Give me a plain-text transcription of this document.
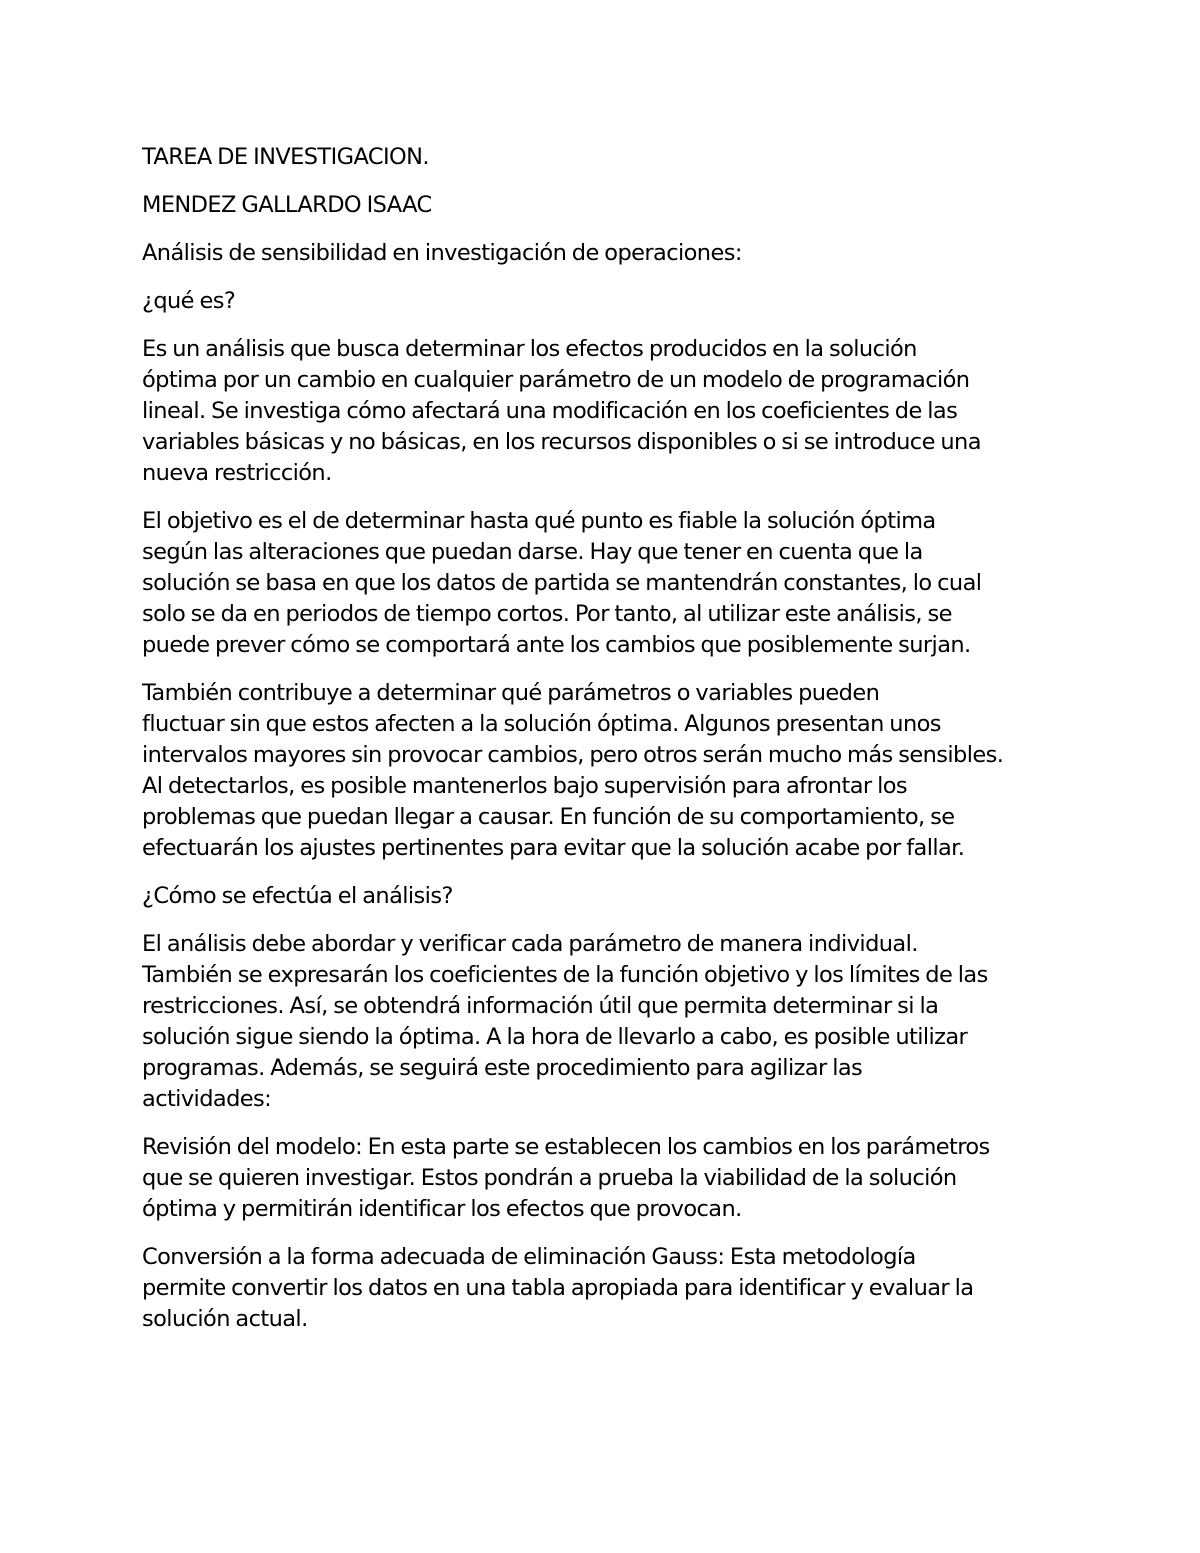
TAREA DE INVESTIGACION.
MENDEZ GALLARDO ISAAC
Análisis de sensibilidad en investigación de operaciones:
¿qué es?
Es un análisis que busca determinar los efectos producidos en la solución
óptima por un cambio en cualquier parámetro de un modelo de programación
lineal. Se investiga cómo afectará una modificación en los coeficientes de las
variables básicas y no básicas, en los recursos disponibles o si se introduce una
nueva restricción.
El objetivo es el de determinar hasta qué punto es fiable la solución óptima
según las alteraciones que puedan darse. Hay que tener en cuenta que la
solución se basa en que los datos de partida se mantendrán constantes, lo cual
solo se da en periodos de tiempo cortos. Por tanto, al utilizar este análisis, se
puede prever cómo se comportará ante los cambios que posiblemente surjan.
También contribuye a determinar qué parámetros o variables pueden
fluctuar sin que estos afecten a la solución óptima. Algunos presentan unos
intervalos mayores sin provocar cambios, pero otros serán mucho más sensibles.
Al detectarlos, es posible mantenerlos bajo supervisión para afrontar los
problemas que puedan llegar a causar. En función de su comportamiento, se
efectuarán los ajustes pertinentes para evitar que la solución acabe por fallar.
¿Cómo se efectúa el análisis?
El análisis debe abordar y verificar cada parámetro de manera individual.
También se expresarán los coeficientes de la función objetivo y los límites de las
restricciones. Así, se obtendrá información útil que permita determinar si la
solución sigue siendo la óptima. A la hora de llevarlo a cabo, es posible utilizar
programas. Además, se seguirá este procedimiento para agilizar las
actividades:
Revisión del modelo: En esta parte se establecen los cambios en los parámetros
que se quieren investigar. Estos pondrán a prueba la viabilidad de la solución
óptima y permitirán identificar los efectos que provocan.
Conversión a la forma adecuada de eliminación Gauss: Esta metodología
permite convertir los datos en una tabla apropiada para identificar y evaluar la
solución actual.
